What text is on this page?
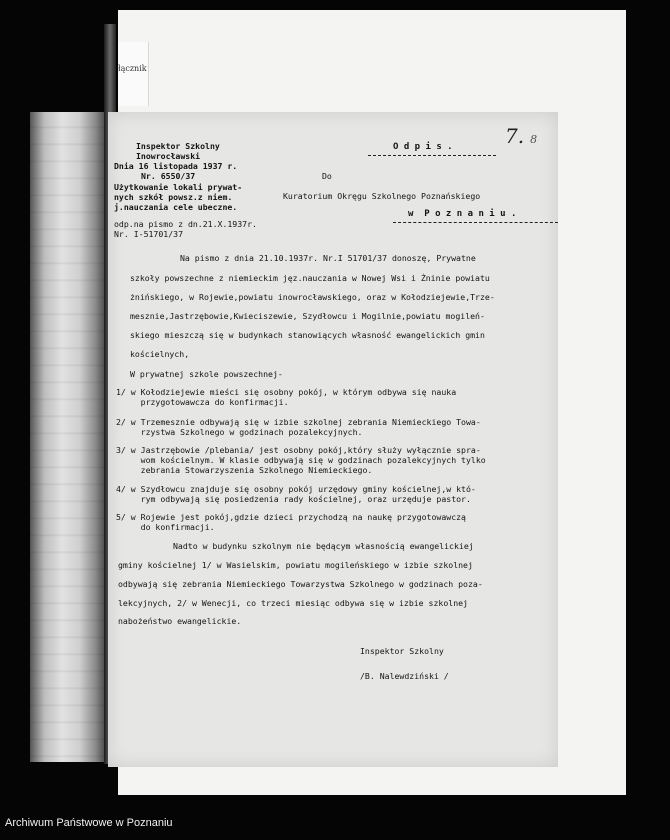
łącznik
Inspektor Szkolny
Inowrocławski
Dnia 16 listopada 1937 r.
Nr. 6550/37
Użytkowanie lokali prywat-
nych szkół powsz.z niem.
j.nauczania cele ubeczne.
O d p i s .
Do
Kuratorium Okręgu Szkolnego Poznańskiego
w  P o z n a n i u .
odp.na pismo z dn.21.X.1937r.
Nr. I-51701/37
Na pismo z dnia 21.10.1937r. Nr.I 51701/37 donoszę, Prywatne
szkoły powszechne z niemieckim jęz.nauczania w Nowej Wsi i Żninie powiatu
żnińskiego, w Rojewie,powiatu inowrocławskiego, oraz w Kołodziejewie,Trze-
mesznie,Jastrzębowie,Kwieciszewie, Szydłowcu i Mogilnie,powiatu mogileń-
skiego mieszczą się w budynkach stanowiących własność ewangelickich gmin
kościelnych,
W prywatnej szkole powszechnej-
1/ w Kołodziejewie mieści się osobny pokój, w którym odbywa się nauka
przygotowawcza do konfirmacji.
2/ w Trzemesznie odbywają się w izbie szkolnej zebrania Niemieckiego Towa-
rzystwa Szkolnego w godzinach pozalekcyjnych.
3/ w Jastrzębowie /plebania/ jest osobny pokój,który służy wyłącznie spra-
wom kościelnym. W klasie odbywają się w godzinach pozalekcyjnych tylko
zebrania Stowarzyszenia Szkolnego Niemieckiego.
4/ w Szydłowcu znajduje się osobny pokój urzędowy gminy kościelnej,w któ-
rym odbywają się posiedzenia rady kościelnej, oraz urzęduje pastor.
5/ w Rojewie jest pokój,gdzie dzieci przychodzą na naukę przygotowawczą
do konfirmacji.
Nadto w budynku szkolnym nie będącym własnością ewangelickiej
gminy kościelnej 1/ w Wasielskim, powiatu mogileńskiego w izbie szkolnej
odbywają się zebrania Niemieckiego Towarzystwa Szkolnego w godzinach poza-
lekcyjnych, 2/ w Wenecji, co trzeci miesiąc odbywa się w izbie szkolnej
nabożeństwo ewangelickie.
Inspektor Szkolny
/B. Nalewdziński /
7. 8
Archiwum Państwowe w Poznaniu
